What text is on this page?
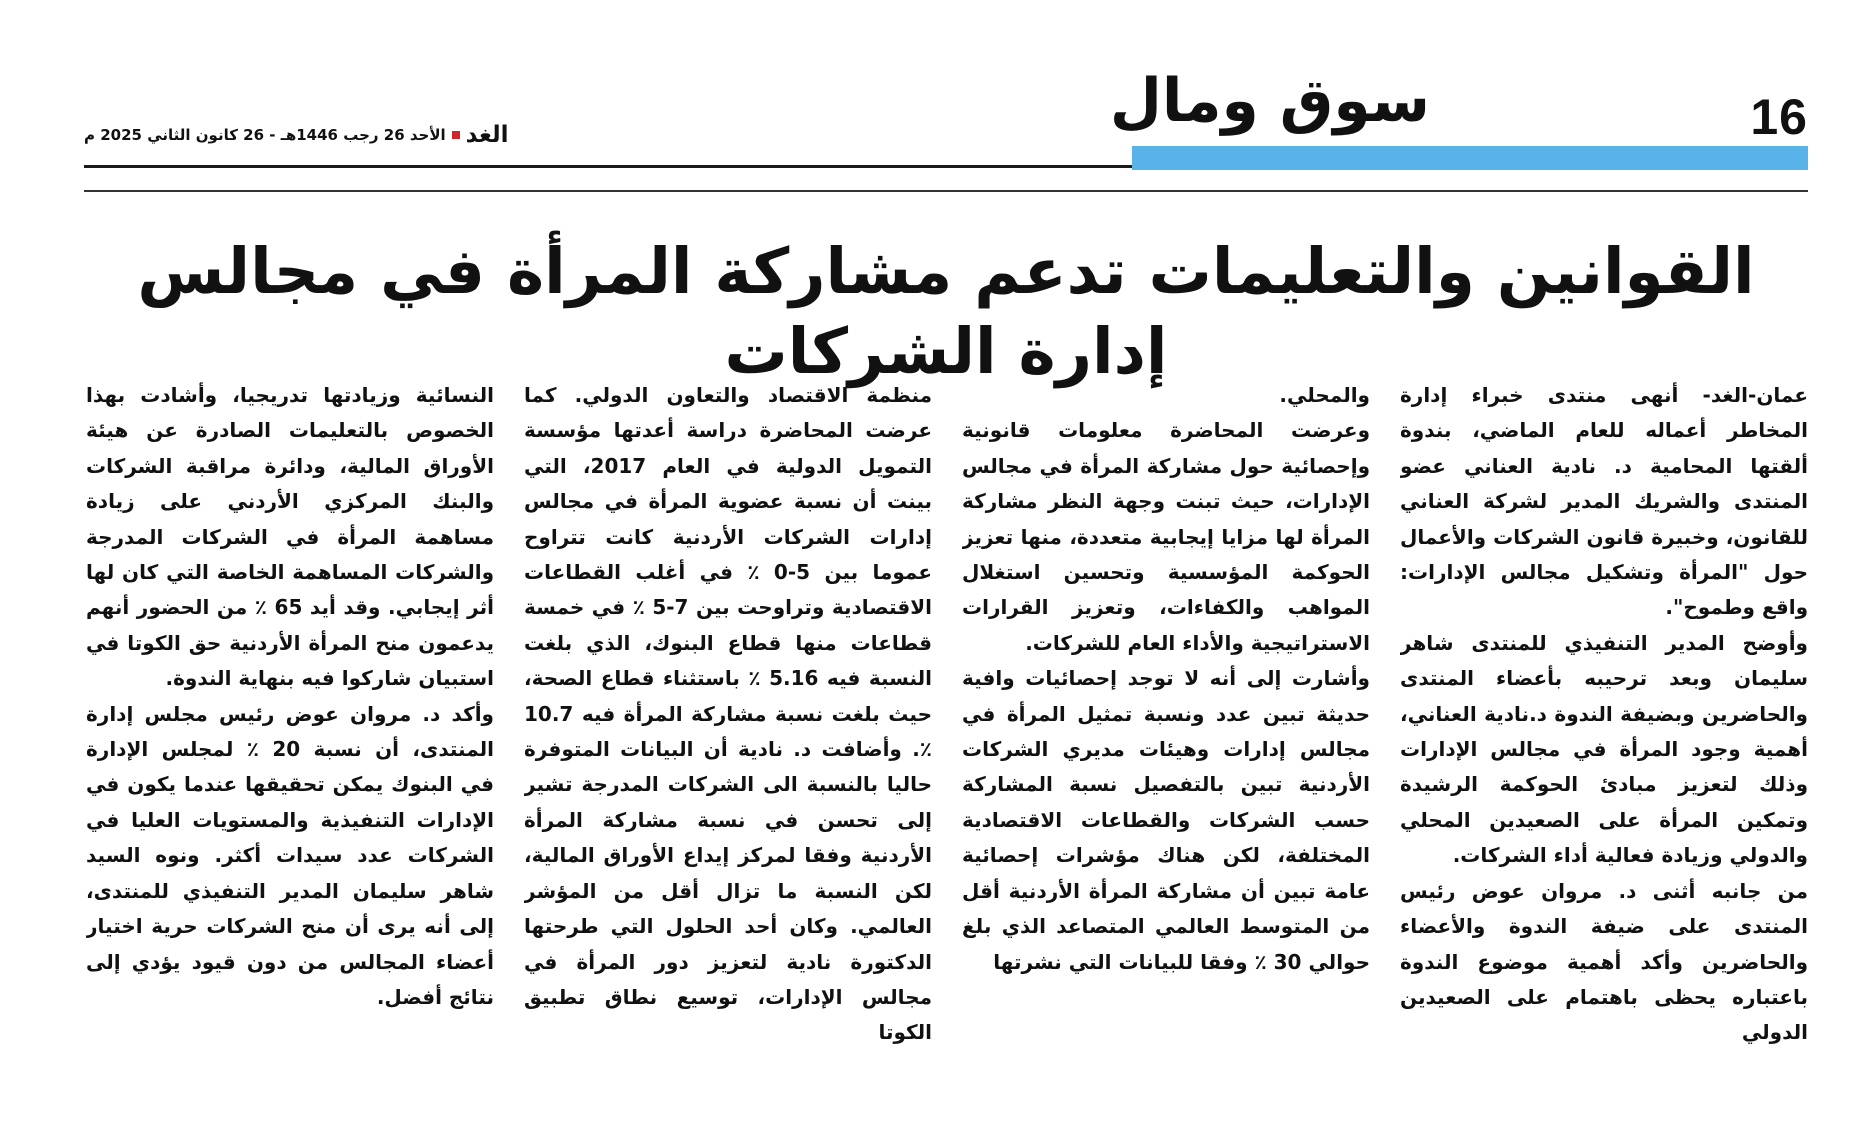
16
سوق ومال
الغد
الأحد 26 رجب 1446هـ - 26 كانون الثاني 2025 م
القوانين والتعليمات تدعم مشاركة المرأة في مجالس إدارة الشركات

عمان-الغد- أنهى منتدى خبراء إدارة المخاطر أعماله للعام الماضي، بندوة ألقتها المحامية د. نادية العناني عضو المنتدى والشريك المدير لشركة العناني للقانون، وخبيرة قانون الشركات والأعمال حول "المرأة وتشكيل مجالس الإدارات: واقع وطموح".
وأوضح المدير التنفيذي للمنتدى شاهر سليمان وبعد ترحيبه بأعضاء المنتدى والحاضرين وبضيفة الندوة د.نادية العناني، أهمية وجود المرأة في مجالس الإدارات وذلك لتعزيز مبادئ الحوكمة الرشيدة وتمكين المرأة على الصعيدين المحلي والدولي وزيادة فعالية أداء الشركات.
من جانبه أثنى د. مروان عوض رئيس المنتدى على ضيفة الندوة والأعضاء والحاضرين وأكد أهمية موضوع الندوة باعتباره يحظى باهتمام على الصعيدين الدولي

والمحلي.
وعرضت المحاضرة معلومات قانونية وإحصائية حول مشاركة المرأة في مجالس الإدارات، حيث تبنت وجهة النظر مشاركة المرأة لها مزايا إيجابية متعددة، منها تعزيز الحوكمة المؤسسية وتحسين استغلال المواهب والكفاءات، وتعزيز القرارات الاستراتيجية والأداء العام للشركات.
وأشارت إلى أنه لا توجد إحصائيات وافية حديثة تبين عدد ونسبة تمثيل المرأة في مجالس إدارات وهيئات مديري الشركات الأردنية تبين بالتفصيل نسبة المشاركة حسب الشركات والقطاعات الاقتصادية المختلفة، لكن هناك مؤشرات إحصائية عامة تبين أن مشاركة المرأة الأردنية أقل من المتوسط العالمي المتصاعد الذي بلغ حوالي 30 ٪ وفقا للبيانات التي نشرتها

منظمة الاقتصاد والتعاون الدولي. كما عرضت المحاضرة دراسة أعدتها مؤسسة التمويل الدولية في العام 2017، التي بينت أن نسبة عضوية المرأة في مجالس إدارات الشركات الأردنية كانت تتراوح عموما بين 5-0 ٪ في أغلب القطاعات الاقتصادية وتراوحت بين 7-5 ٪ في خمسة قطاعات منها قطاع البنوك، الذي بلغت النسبة فيه 5.16 ٪ باستثناء قطاع الصحة، حيث بلغت نسبة مشاركة المرأة فيه 10.7 ٪. وأضافت د. نادية أن البيانات المتوفرة حاليا بالنسبة الى الشركات المدرجة تشير إلى تحسن في نسبة مشاركة المرأة الأردنية وفقا لمركز إيداع الأوراق المالية، لكن النسبة ما تزال أقل من المؤشر العالمي. وكان أحد الحلول التي طرحتها الدكتورة نادية لتعزيز دور المرأة في مجالس الإدارات، توسيع نطاق تطبيق الكوتا

النسائية وزيادتها تدريجيا، وأشادت بهذا الخصوص بالتعليمات الصادرة عن هيئة الأوراق المالية، ودائرة مراقبة الشركات والبنك المركزي الأردني على زيادة مساهمة المرأة في الشركات المدرجة والشركات المساهمة الخاصة التي كان لها أثر إيجابي. وقد أيد 65 ٪ من الحضور أنهم يدعمون منح المرأة الأردنية حق الكوتا في استبيان شاركوا فيه بنهاية الندوة.
وأكد د. مروان عوض رئيس مجلس إدارة المنتدى، أن نسبة 20 ٪ لمجلس الإدارة في البنوك يمكن تحقيقها عندما يكون في الإدارات التنفيذية والمستويات العليا في الشركات عدد سيدات أكثر. ونوه السيد شاهر سليمان المدير التنفيذي للمنتدى، إلى أنه يرى أن منح الشركات حرية اختيار أعضاء المجالس من دون قيود يؤدي إلى نتائج أفضل.
